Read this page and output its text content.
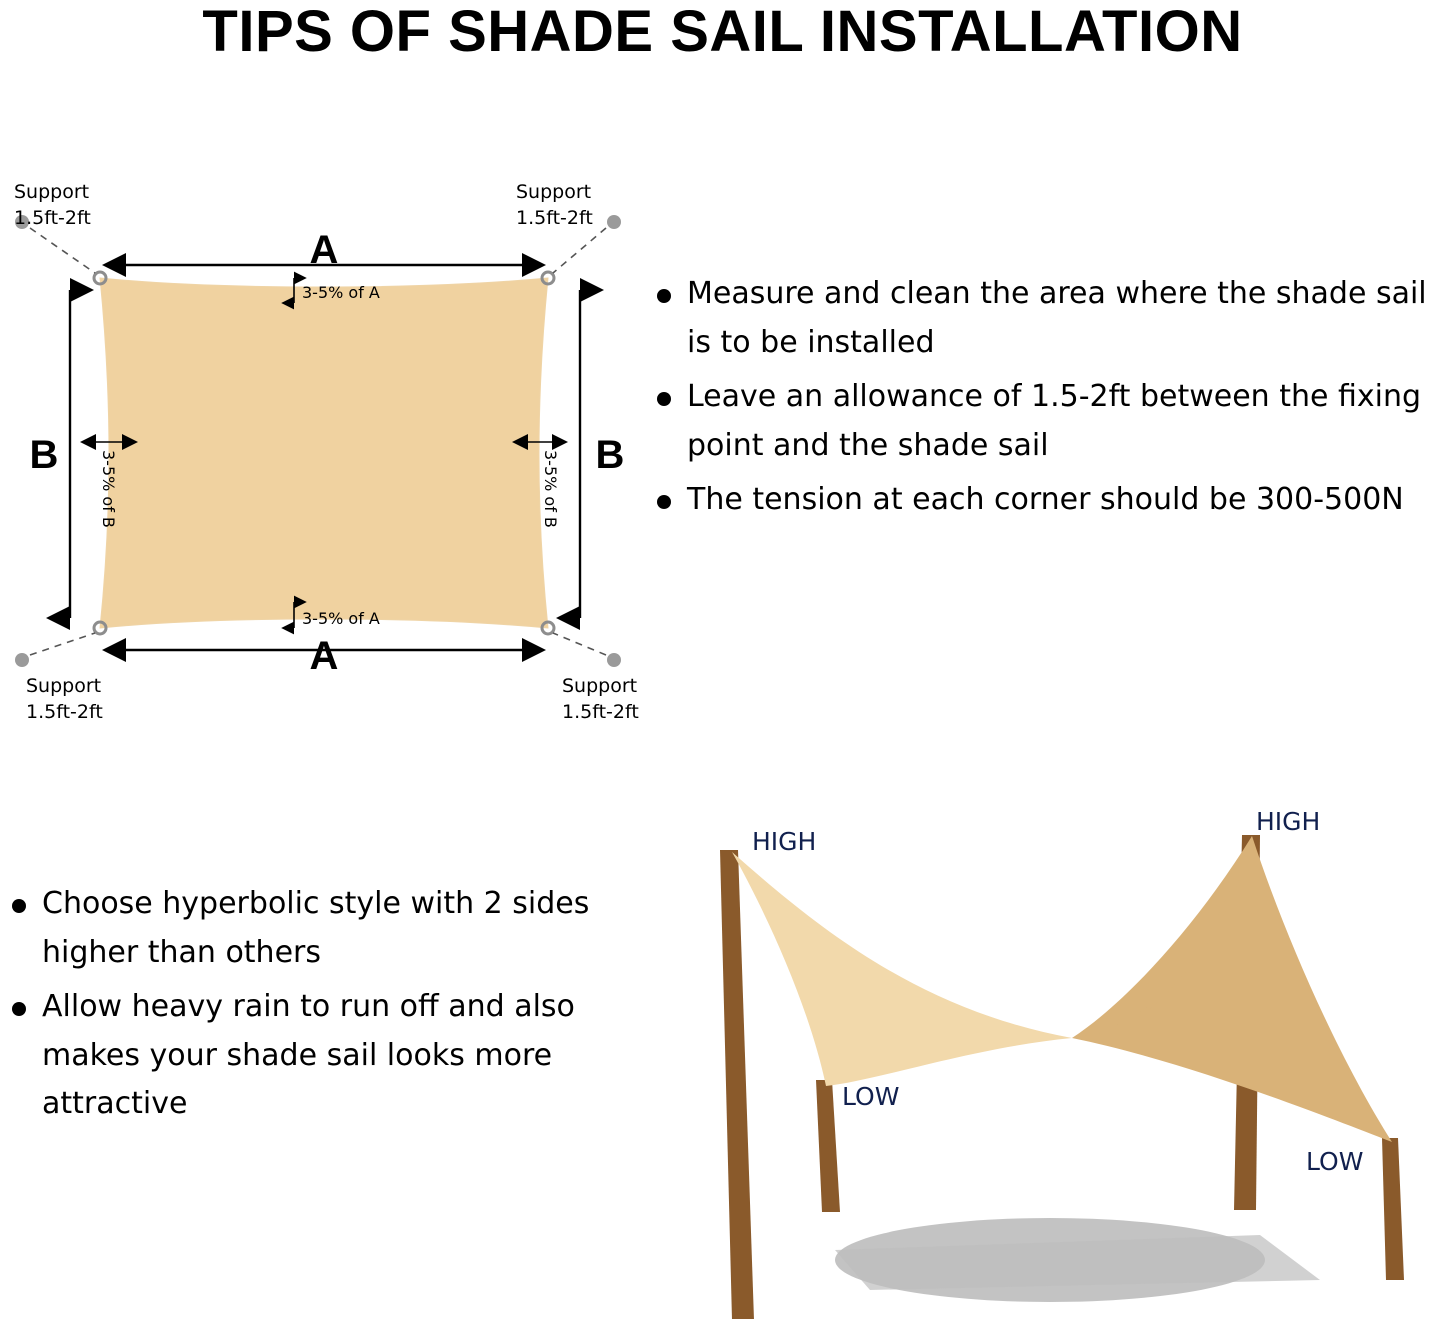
TIPS OF SHADE SAIL INSTALLATION
A
3-5% of A
A
3-5% of A
B	3-5% of B	B
3-5% of B
Support
1.5ft-2ft
Support
1.5ft-2ft
Support
1.5ft-2ft
Support
1.5ft-2ft
Measure and clean the area where the shade sail is to be installed
Leave an allowance of 1.5-2ft between the fixing point and the shade sail
The tension at each corner should be 300-500N
Choose hyperbolic style with 2 sides higher than others
Allow heavy rain to run off and also makes your shade sail looks more attractive
HIGH
HIGH
LOW
LOW
